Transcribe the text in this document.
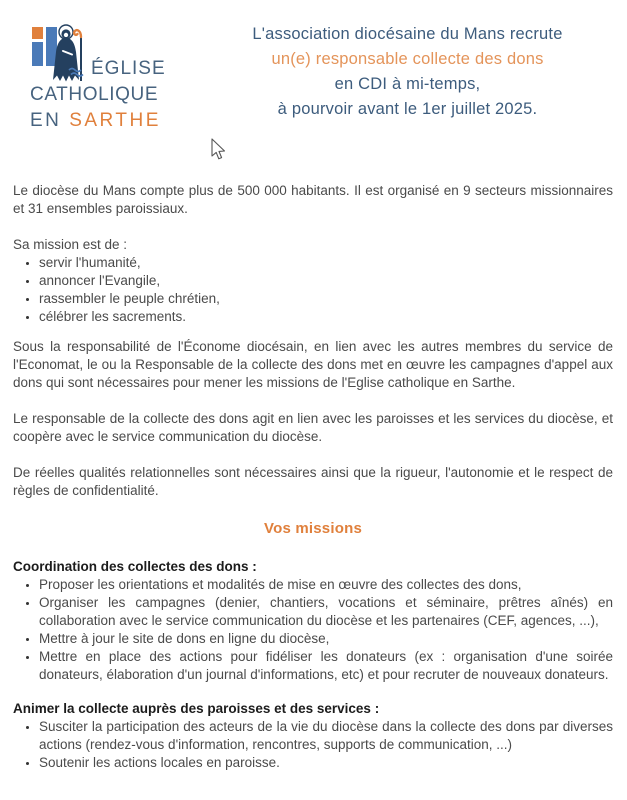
ÉGLISE
CATHOLIQUE
EN SARTHE
L'association diocésaine du Mans recrute
un(e) responsable collecte des dons
en CDI à mi-temps,
à pourvoir avant le 1er juillet 2025.

Le diocèse du Mans compte plus de 500 000 habitants. Il est organisé en 9 secteurs missionnaires et 31 ensembles paroissiaux.

Sa mission est de :

• servir l'humanité,
• annoncer l'Evangile,
• rassembler le peuple chrétien,
• célébrer les sacrements.

Sous la responsabilité de l'Économe diocésain, en lien avec les autres membres du service de l'Economat, le ou la Responsable de la collecte des dons met en œuvre les campagnes d'appel aux dons qui sont nécessaires pour mener les missions de l'Eglise catholique en Sarthe.

Le responsable de la collecte des dons agit en lien avec les paroisses et les services du diocèse, et coopère avec le service communication du diocèse.

De réelles qualités relationnelles sont nécessaires ainsi que la rigueur, l'autonomie et le respect de règles de confidentialité.

Vos missions
Coordination des collectes des dons :
• Proposer les orientations et modalités de mise en œuvre des collectes des dons,
• Organiser les campagnes (denier, chantiers, vocations et séminaire, prêtres aînés) en collaboration avec le service communication du diocèse et les partenaires (CEF, agences, ...),
• Mettre à jour le site de dons en ligne du diocèse,
• Mettre en place des actions pour fidéliser les donateurs (ex : organisation d'une soirée donateurs, élaboration d'un journal d'informations, etc) et pour recruter de nouveaux donateurs.
Animer la collecte auprès des paroisses et des services :
• Susciter la participation des acteurs de la vie du diocèse dans la collecte des dons par diverses actions (rendez-vous d'information, rencontres, supports de communication, ...)
• Soutenir les actions locales en paroisse.
